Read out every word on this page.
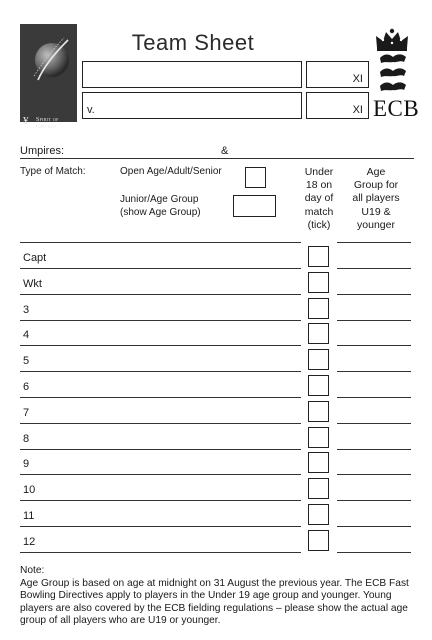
¥ Spirit of
Cricket
Team Sheet
XI
v.	XI ECB
Umpires:	&
Type of Match:	Open Age/Adult/Senior
Junior/Age Group
(show Age Group)
Under
18 on
day of
match
(tick)
Age
Group for
all players
U19 &
younger
Capt
Wkt
3
4
5
6
7
8
9
10
11
12
Note:
Age Group is based on age at midnight on 31 August the previous year. The ECB Fast Bowling Directives apply to players in the Under 19 age group and younger. Young players are also covered by the ECB fielding regulations – please show the actual age group of all players who are U19 or younger.
